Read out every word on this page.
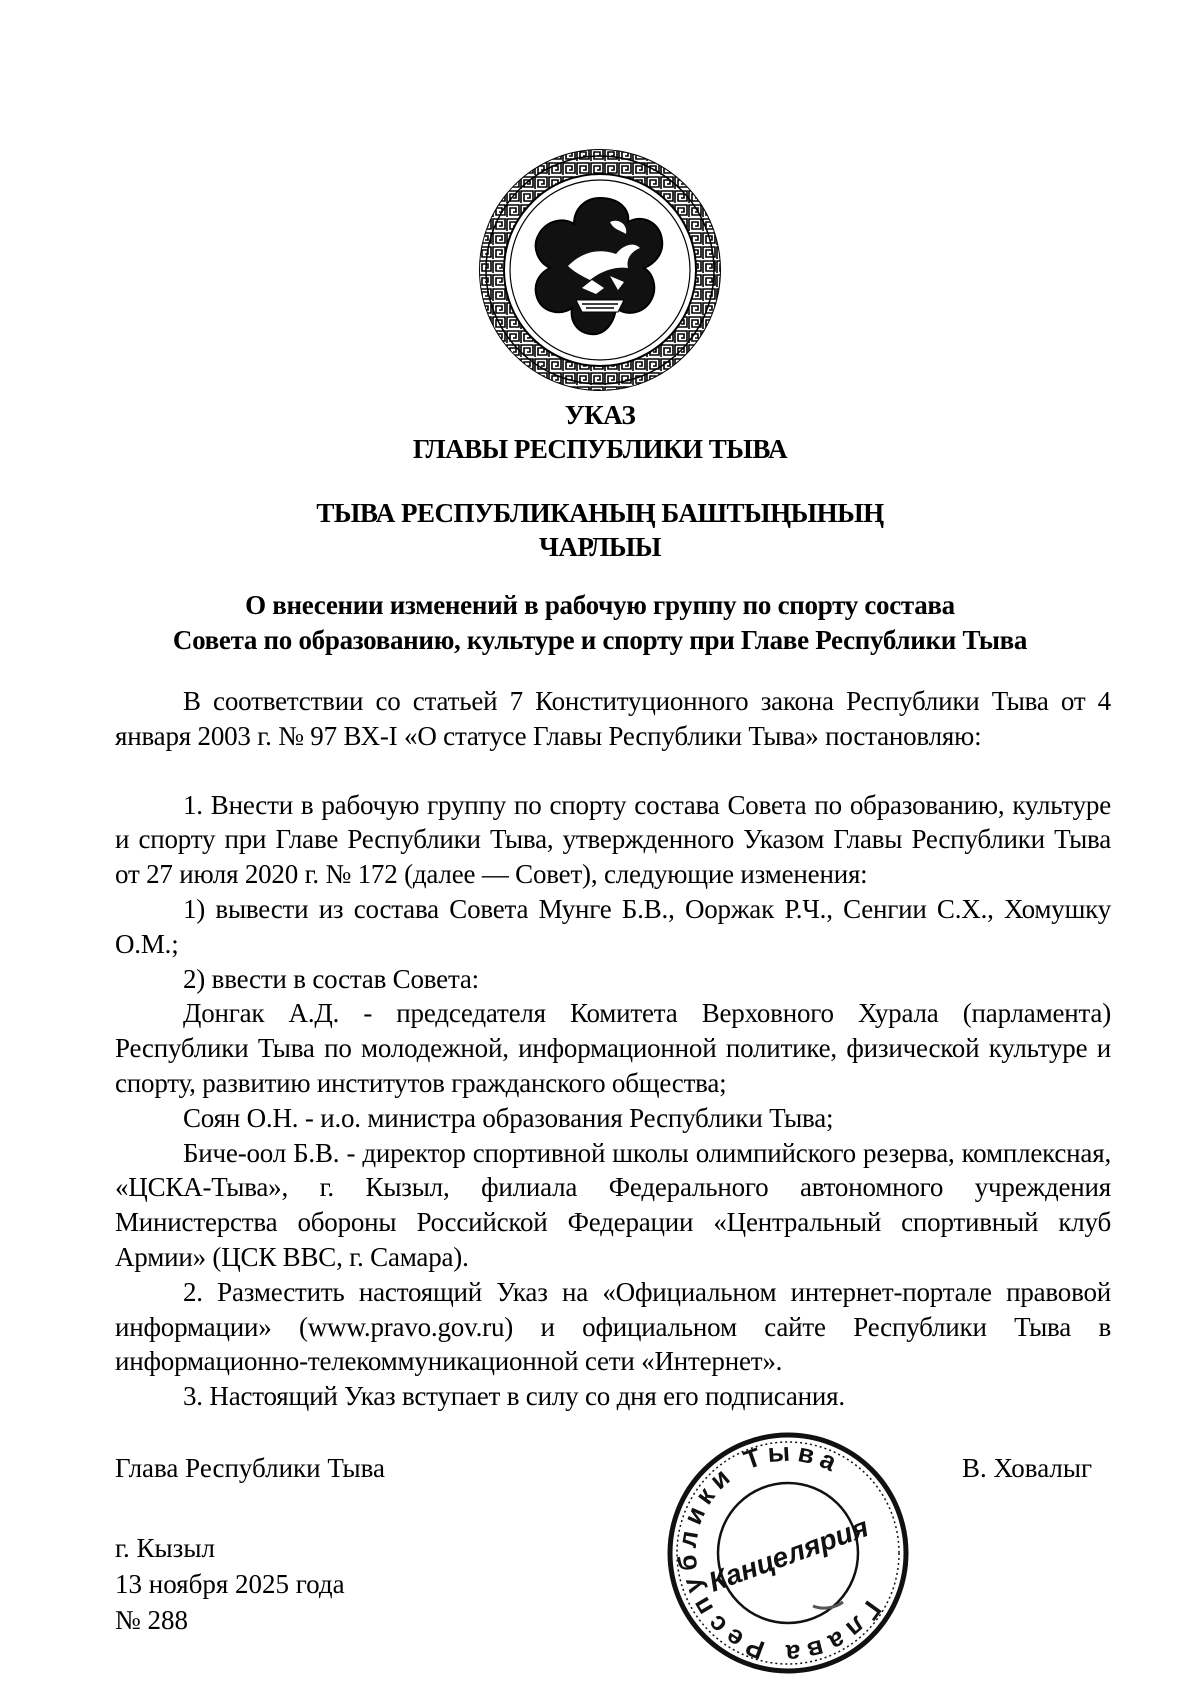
УКАЗ
ГЛАВЫ РЕСПУБЛИКИ ТЫВА
ТЫВА РЕСПУБЛИКАНЫҢ БАШТЫҢЫНЫҢ
ЧАРЛЫЫ
О внесении изменений в рабочую группу по спорту состава
Совета по образованию, культуре и спорту при Главе Республики Тыва

В соответствии со статьей 7 Конституционного закона Республики Тыва от 4 января 2003 г. № 97 ВХ-I «О статусе Главы Республики Тыва» постановляю:

1. Внести в рабочую группу по спорту состава Совета по образованию, культуре и спорту при Главе Республики Тыва, утвержденного Указом Главы Республики Тыва от 27 июля 2020 г. № 172 (далее — Совет), следующие изменения:

1) вывести из состава Совета Мунге Б.В., Ооржак Р.Ч., Сенгии С.Х., Хомушку О.М.;

2) ввести в состав Совета:

Донгак А.Д. - председателя Комитета Верховного Хурала (парламента) Республики Тыва по молодежной, информационной политике, физической культуре и спорту, развитию институтов гражданского общества;

Соян О.Н. - и.о. министра образования Республики Тыва;

Биче-оол Б.В. - директор спортивной школы олимпийского резерва, комплексная, «ЦСКА-Тыва», г. Кызыл, филиала Федерального автономного учреждения Министерства обороны Российской Федерации «Центральный спортивный клуб Армии» (ЦСК ВВС, г. Самара).

2. Разместить настоящий Указ на «Официальном интернет-портале правовой информации» (www.pravo.gov.ru) и официальном сайте Республики Тыва в информационно-телекоммуникационной сети «Интернет».

3. Настоящий Указ вступает в силу со дня его подписания.

Глава Республики Тыва	В. Ховалыг
г. Кызыл
13 ноября 2025 года
№ 288	Глава Республики Тыва
Канцелярия
